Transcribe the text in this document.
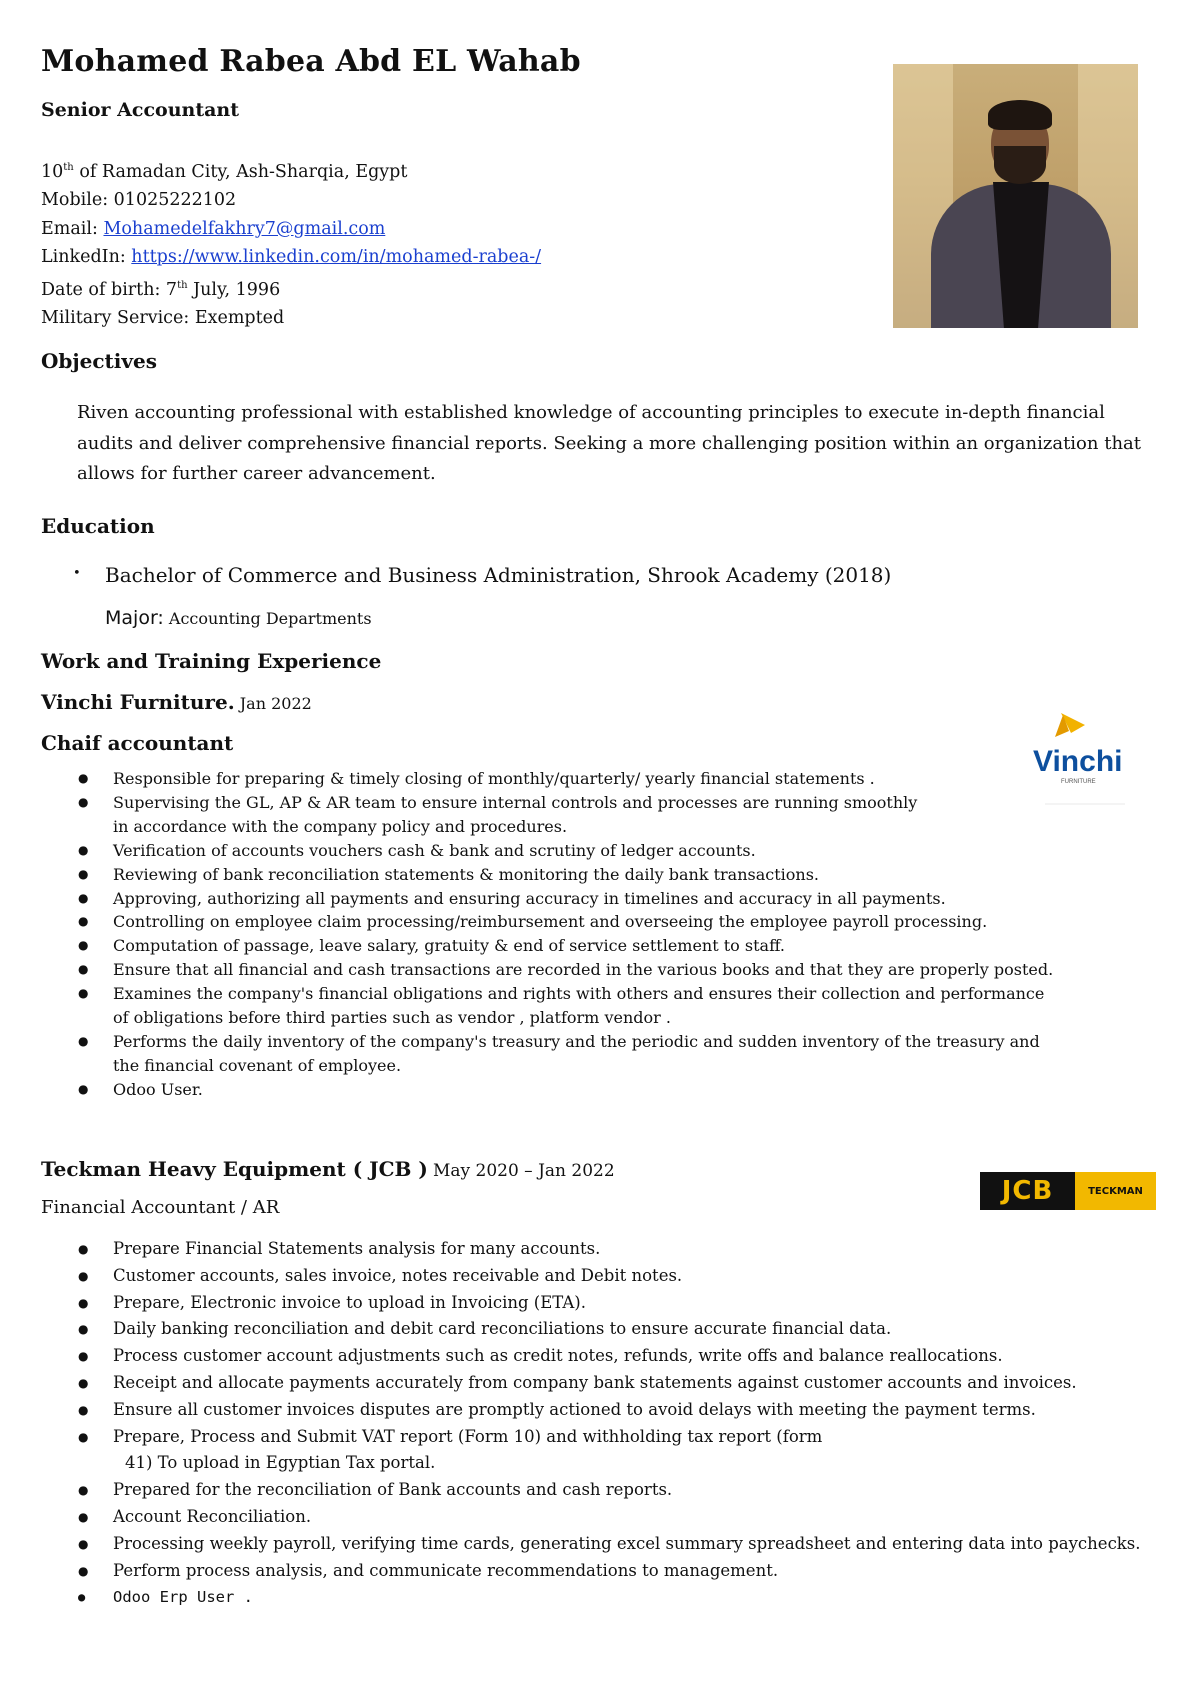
Mohamed Rabea Abd EL Wahab
Senior Accountant
10th of Ramadan City, Ash-Sharqia, Egypt
Mobile: 01025222102
Email: Mohamedelfakhry7@gmail.com
LinkedIn: https://www.linkedin.com/in/mohamed-rabea-/
Date of birth: 7th July, 1996
Military Service: Exempted
Objectives
Riven accounting professional with established knowledge of accounting principles to execute in-depth financial audits and deliver comprehensive financial reports. Seeking a more challenging position within an organization that allows for further career advancement.
Education
• Bachelor of Commerce and Business Administration, Shrook Academy (2018)
Major: Accounting Departments
Work and Training Experience
Vinchi Furniture. Jan 2022
Chaif accountant
Vinchi
FURNITURE
● Responsible for preparing & timely closing of monthly/quarterly/ yearly financial statements .
● Supervising the GL, AP & AR team to ensure internal controls and processes are running smoothly
in accordance with the company policy and procedures.
● Verification of accounts vouchers cash & bank and scrutiny of ledger accounts.
● Reviewing of bank reconciliation statements & monitoring the daily bank transactions.
● Approving, authorizing all payments and ensuring accuracy in timelines and accuracy in all payments.
● Controlling on employee claim processing/reimbursement and overseeing the employee payroll processing.
● Computation of passage, leave salary, gratuity & end of service settlement to staff.
● Ensure that all financial and cash transactions are recorded in the various books and that they are properly posted.
● Examines the company's financial obligations and rights with others and ensures their collection and performance
of obligations before third parties such as vendor , platform vendor .
● Performs the daily inventory of the company's treasury and the periodic and sudden inventory of the treasury and
the financial covenant of employee.
● Odoo User.
Teckman Heavy Equipment ( JCB ) May 2020 – Jan 2022
Financial Accountant / AR
JCB	TECKMAN
● Prepare Financial Statements analysis for many accounts.
● Customer accounts, sales invoice, notes receivable and Debit notes.
● Prepare, Electronic invoice to upload in Invoicing (ETA).
● Daily banking reconciliation and debit card reconciliations to ensure accurate financial data.
● Process customer account adjustments such as credit notes, refunds, write offs and balance reallocations.
● Receipt and allocate payments accurately from company bank statements against customer accounts and invoices.
● Ensure all customer invoices disputes are promptly actioned to avoid delays with meeting the payment terms.
● Prepare, Process and Submit VAT report (Form 10) and withholding tax report (form
41) To upload in Egyptian Tax portal.
● Prepared for the reconciliation of Bank accounts and cash reports.
● Account Reconciliation.
● Processing weekly payroll, verifying time cards, generating excel summary spreadsheet and entering data into paychecks.
● Perform process analysis, and communicate recommendations to management.
● Odoo Erp User .
